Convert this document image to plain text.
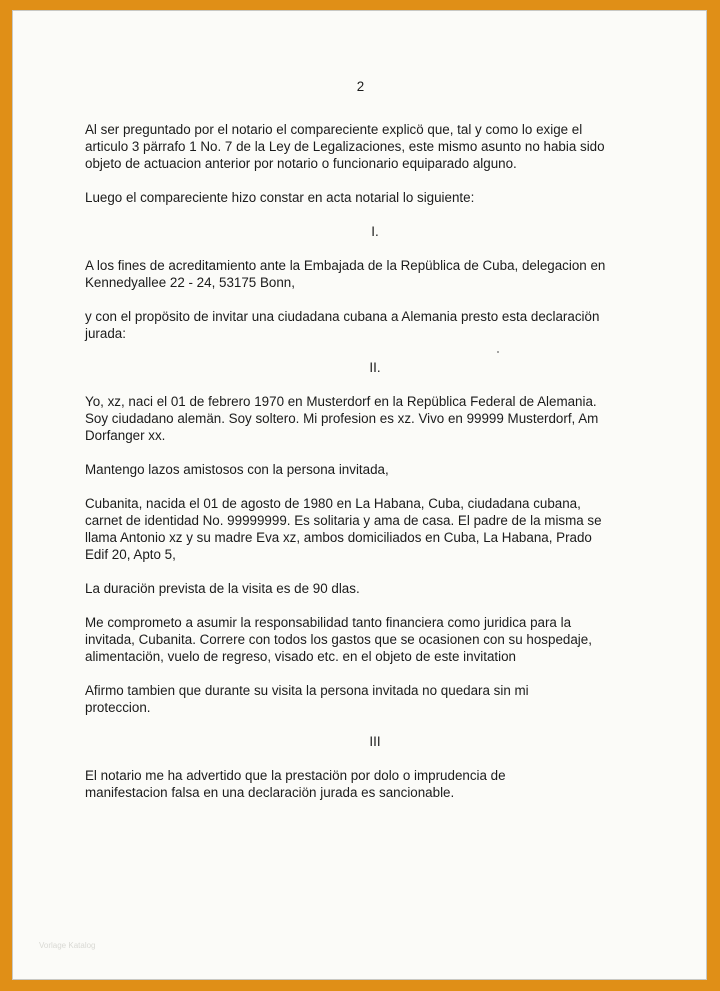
2

Al ser preguntado por el notario el compareciente explicö que, tal y como lo exige el
articulo 3 pärrafo 1 No. 7 de la Ley de Legalizaciones, este mismo asunto no habia sido
objeto de actuacion anterior por notario o funcionario equiparado alguno.

Luego el compareciente hizo constar en acta notarial lo siguiente:

I.

A los fines de acreditamiento ante la Embajada de la Repüblica de Cuba, delegacion en
Kennedyallee 22 - 24, 53175 Bonn,

y con el propösito de invitar una ciudadana cubana a Alemania presto esta declaraciön
jurada:

II.

Yo, xz, naci el 01 de febrero 1970 en Musterdorf en la Repüblica Federal de Alemania.
Soy ciudadano alemän. Soy soltero. Mi profesion es xz. Vivo en 99999 Musterdorf, Am
Dorfanger xx.

Mantengo lazos amistosos con la persona invitada,

Cubanita, nacida el 01 de agosto de 1980 en La Habana, Cuba, ciudadana cubana,
carnet de identidad No. 99999999. Es solitaria y ama de casa. El padre de la misma se
llama Antonio xz y su madre Eva xz, ambos domiciliados en Cuba, La Habana, Prado
Edif 20, Apto 5,

La duraciön prevista de la visita es de 90 dlas.

Me comprometo a asumir la responsabilidad tanto financiera como juridica para la
invitada, Cubanita. Correre con todos los gastos que se ocasionen con su hospedaje,
alimentaciön, vuelo de regreso, visado etc. en el objeto de este invitation

Afirmo tambien que durante su visita la persona invitada no quedara sin mi
proteccion.

III

El notario me ha advertido que la prestaciön por dolo o imprudencia de
manifestacion falsa en una declaraciön jurada es sancionable.

Vorlage Katalog
